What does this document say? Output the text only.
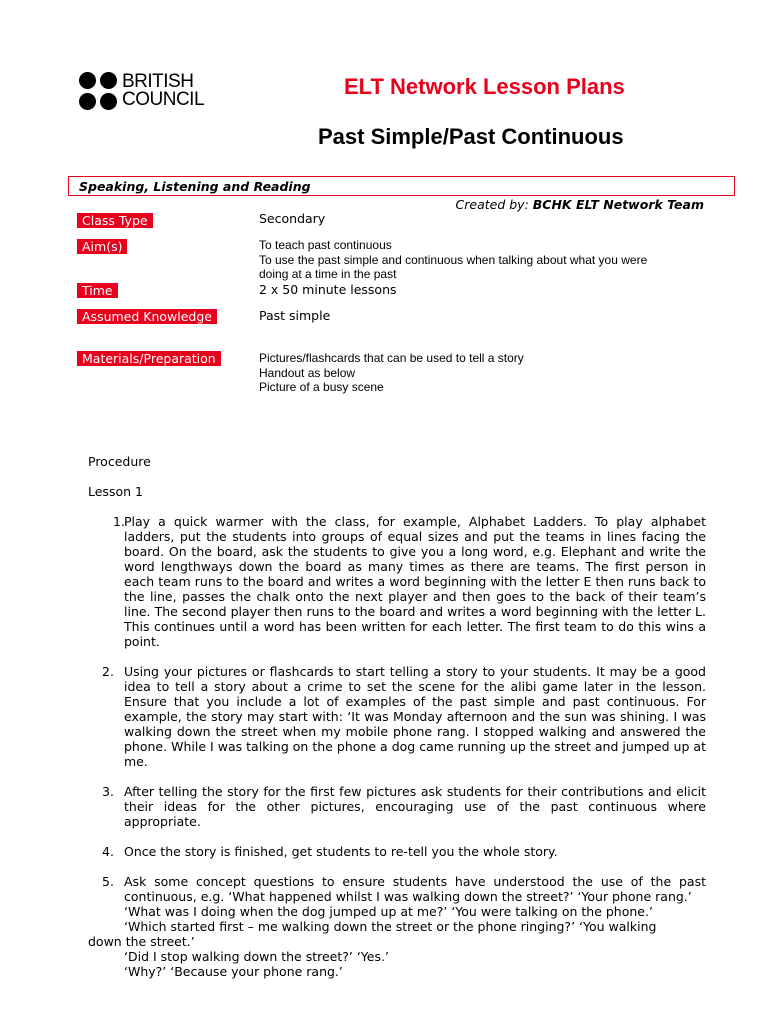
BRITISH
COUNCIL
ELT Network Lesson Plans
Past Simple/Past Continuous
Speaking, Listening and Reading
Created by: BCHK ELT Network Team
Class Type	Secondary
Aim(s)	To teach past continuous
To use the past simple and continuous when talking about what you were
doing at a time in the past
Time	2 x 50 minute lessons
Assumed Knowledge	Past simple
Materials/Preparation	Pictures/flashcards that can be used to tell a story
Handout as below
Picture of a busy scene
Procedure
Lesson 1
1. Play a quick warmer with the class, for example, Alphabet Ladders. To play alphabet ladders, put the students into groups of equal sizes and put the teams in lines facing the board. On the board, ask the students to give you a long word, e.g. Elephant and write the word lengthways down the board as many times as there are teams. The first person in each team runs to the board and writes a word beginning with the letter E then runs back to the line, passes the chalk onto the next player and then goes to the back of their team’s line. The second player then runs to the board and writes a word beginning with the letter L. This continues until a word has been written for each letter. The first team to do this wins a point.
2. Using your pictures or flashcards to start telling a story to your students. It may be a good idea to tell a story about a crime to set the scene for the alibi game later in the lesson. Ensure that you include a lot of examples of the past simple and past continuous. For example, the story may start with: ‘It was Monday afternoon and the sun was shining. I was walking down the street when my mobile phone rang. I stopped walking and answered the phone. While I was talking on the phone a dog came running up the street and jumped up at me.
3. After telling the story for the first few pictures ask students for their contributions and elicit their ideas for the other pictures, encouraging use of the past continuous where appropriate.
4. Once the story is finished, get students to re-tell you the whole story.
5. Ask some concept questions to ensure students have understood the use of the past continuous, e.g. ‘What happened whilst I was walking down the street?’ ‘Your phone rang.’

‘What was I doing when the dog jumped up at me?’ ‘You were talking on the phone.’

‘Which started first – me walking down the street or the phone ringing?’ ‘You walking

down the street.’

‘Did I stop walking down the street?’ ‘Yes.’

‘Why?’ ‘Because your phone rang.’
